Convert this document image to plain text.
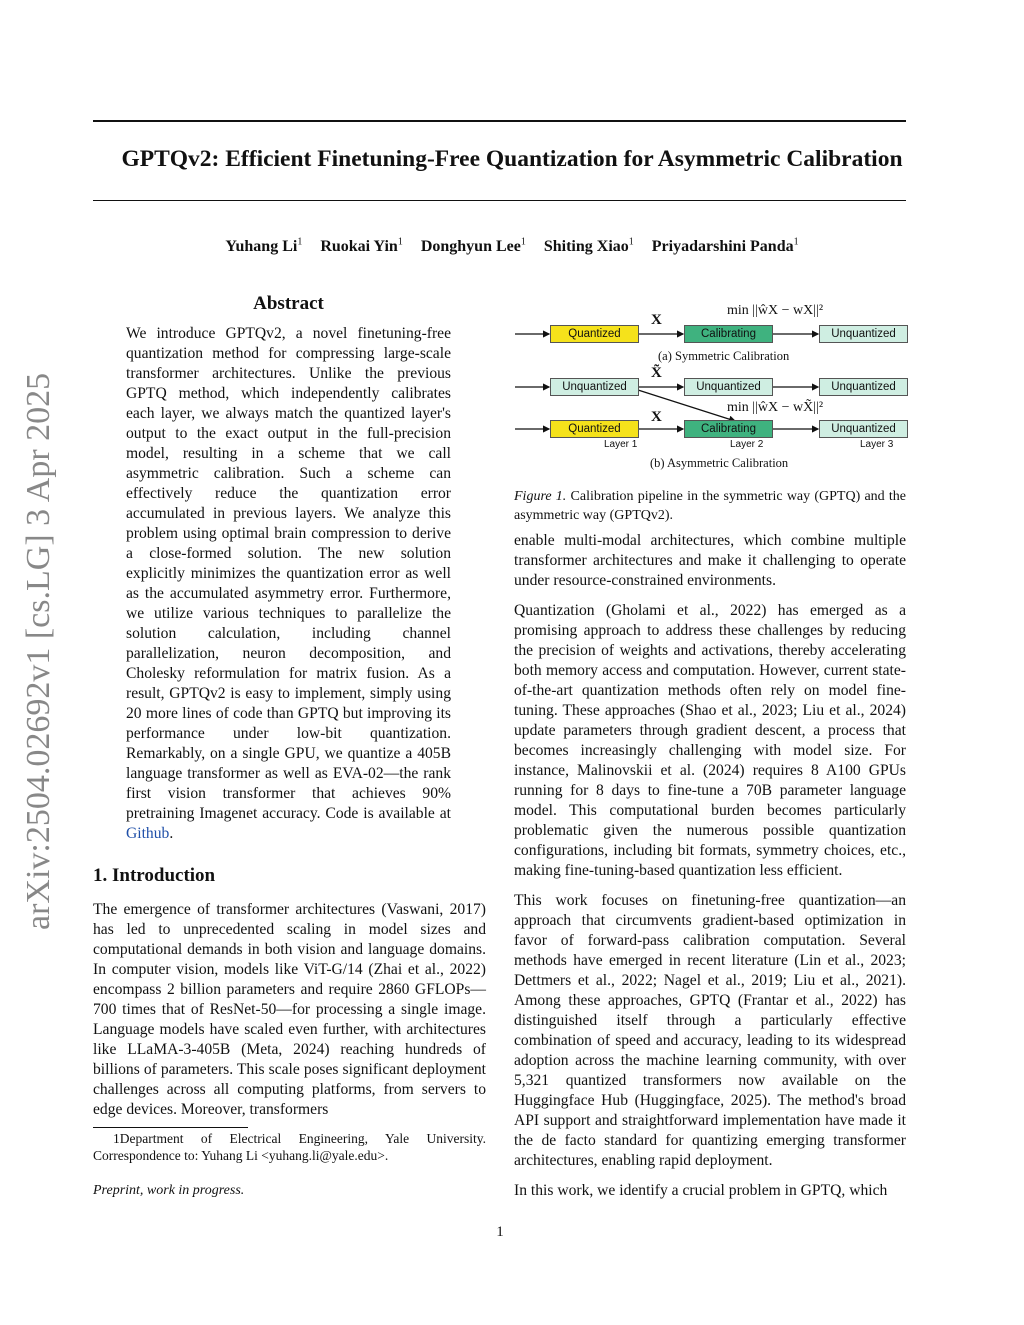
arXiv:2504.02692v1 [cs.LG] 3 Apr 2025
GPTQv2: Efficient Finetuning-Free Quantization for Asymmetric Calibration
Yuhang Li$^1$ Ruokai Yin$^1$ Donghyun Lee$^1$ Shiting Xiao$^1$ Priyadarshini Panda$^1$
Abstract

We introduce GPTQv2, a novel finetuning-free quantization method for compressing large-scale transformer architectures. Unlike the previous GPTQ method, which independently calibrates each layer, we always match the quantized layer's output to the exact output in the full-precision model, resulting in a scheme that we call asymmetric calibration. Such a scheme can effectively reduce the quantization error accumulated in previous layers. We analyze this problem using optimal brain compression to derive a close-formed solution. The new solution explicitly minimizes the quantization error as well as the accumulated asymmetry error. Furthermore, we utilize various techniques to parallelize the solution calculation, including channel parallelization, neuron decomposition, and Cholesky reformulation for matrix fusion. As a result, GPTQv2 is easy to implement, simply using 20 more lines of code than GPTQ but improving its performance under low-bit quantization. Remarkably, on a single GPU, we quantize a 405B language transformer as well as EVA-02—the rank first vision transformer that achieves 90% pretraining Imagenet accuracy. Code is available at Github.

1. Introduction

The emergence of transformer architectures (Vaswani, 2017) has led to unprecedented scaling in model sizes and computational demands in both vision and language domains. In computer vision, models like ViT-G/14 (Zhai et al., 2022) encompass 2 billion parameters and require 2860 GFLOPs—700 times that of ResNet-50—for processing a single image. Language models have scaled even further, with architectures like LLaMA-3-405B (Meta, 2024) reaching hundreds of billions of parameters. This scale poses significant deployment challenges across all computing platforms, from servers to edge devices. Moreover, transformers

1Department of Electrical Engineering, Yale University. Correspondence to: Yuhang Li <yuhang.li@yale.edu>.

Preprint, work in progress.
Quantized	Calibrating	Unquantized
X
min ||ŵX − wX||²
(a) Symmetric Calibration
Unquantized	Unquantized	Unquantized
X̃
min ||ŵX − wX̃||²
Quantized	Calibrating	Unquantized
X
Layer 1	Layer 2	Layer 3
(b) Asymmetric Calibration

Figure 1. Calibration pipeline in the symmetric way (GPTQ) and the asymmetric way (GPTQv2).

enable multi-modal architectures, which combine multiple transformer architectures and make it challenging to operate under resource-constrained environments.

Quantization (Gholami et al., 2022) has emerged as a promising approach to address these challenges by reducing the precision of weights and activations, thereby accelerating both memory access and computation. However, current state-of-the-art quantization methods often rely on model fine-tuning. These approaches (Shao et al., 2023; Liu et al., 2024) update parameters through gradient descent, a process that becomes increasingly challenging with model size. For instance, Malinovskii et al. (2024) requires 8 A100 GPUs running for 8 days to fine-tune a 70B parameter language model. This computational burden becomes particularly problematic given the numerous possible quantization configurations, including bit formats, symmetry choices, etc., making fine-tuning-based quantization less efficient.

This work focuses on finetuning-free quantization—an approach that circumvents gradient-based optimization in favor of forward-pass calibration computation. Several methods have emerged in recent literature (Lin et al., 2023; Dettmers et al., 2022; Nagel et al., 2019; Liu et al., 2021). Among these approaches, GPTQ (Frantar et al., 2022) has distinguished itself through a particularly effective combination of speed and accuracy, leading to its widespread adoption across the machine learning community, with over 5,321 quantized transformers now available on the Huggingface Hub (Huggingface, 2025). The method's broad API support and straightforward implementation have made it the de facto standard for quantizing emerging transformer architectures, enabling rapid deployment.

In this work, we identify a crucial problem in GPTQ, which

1
